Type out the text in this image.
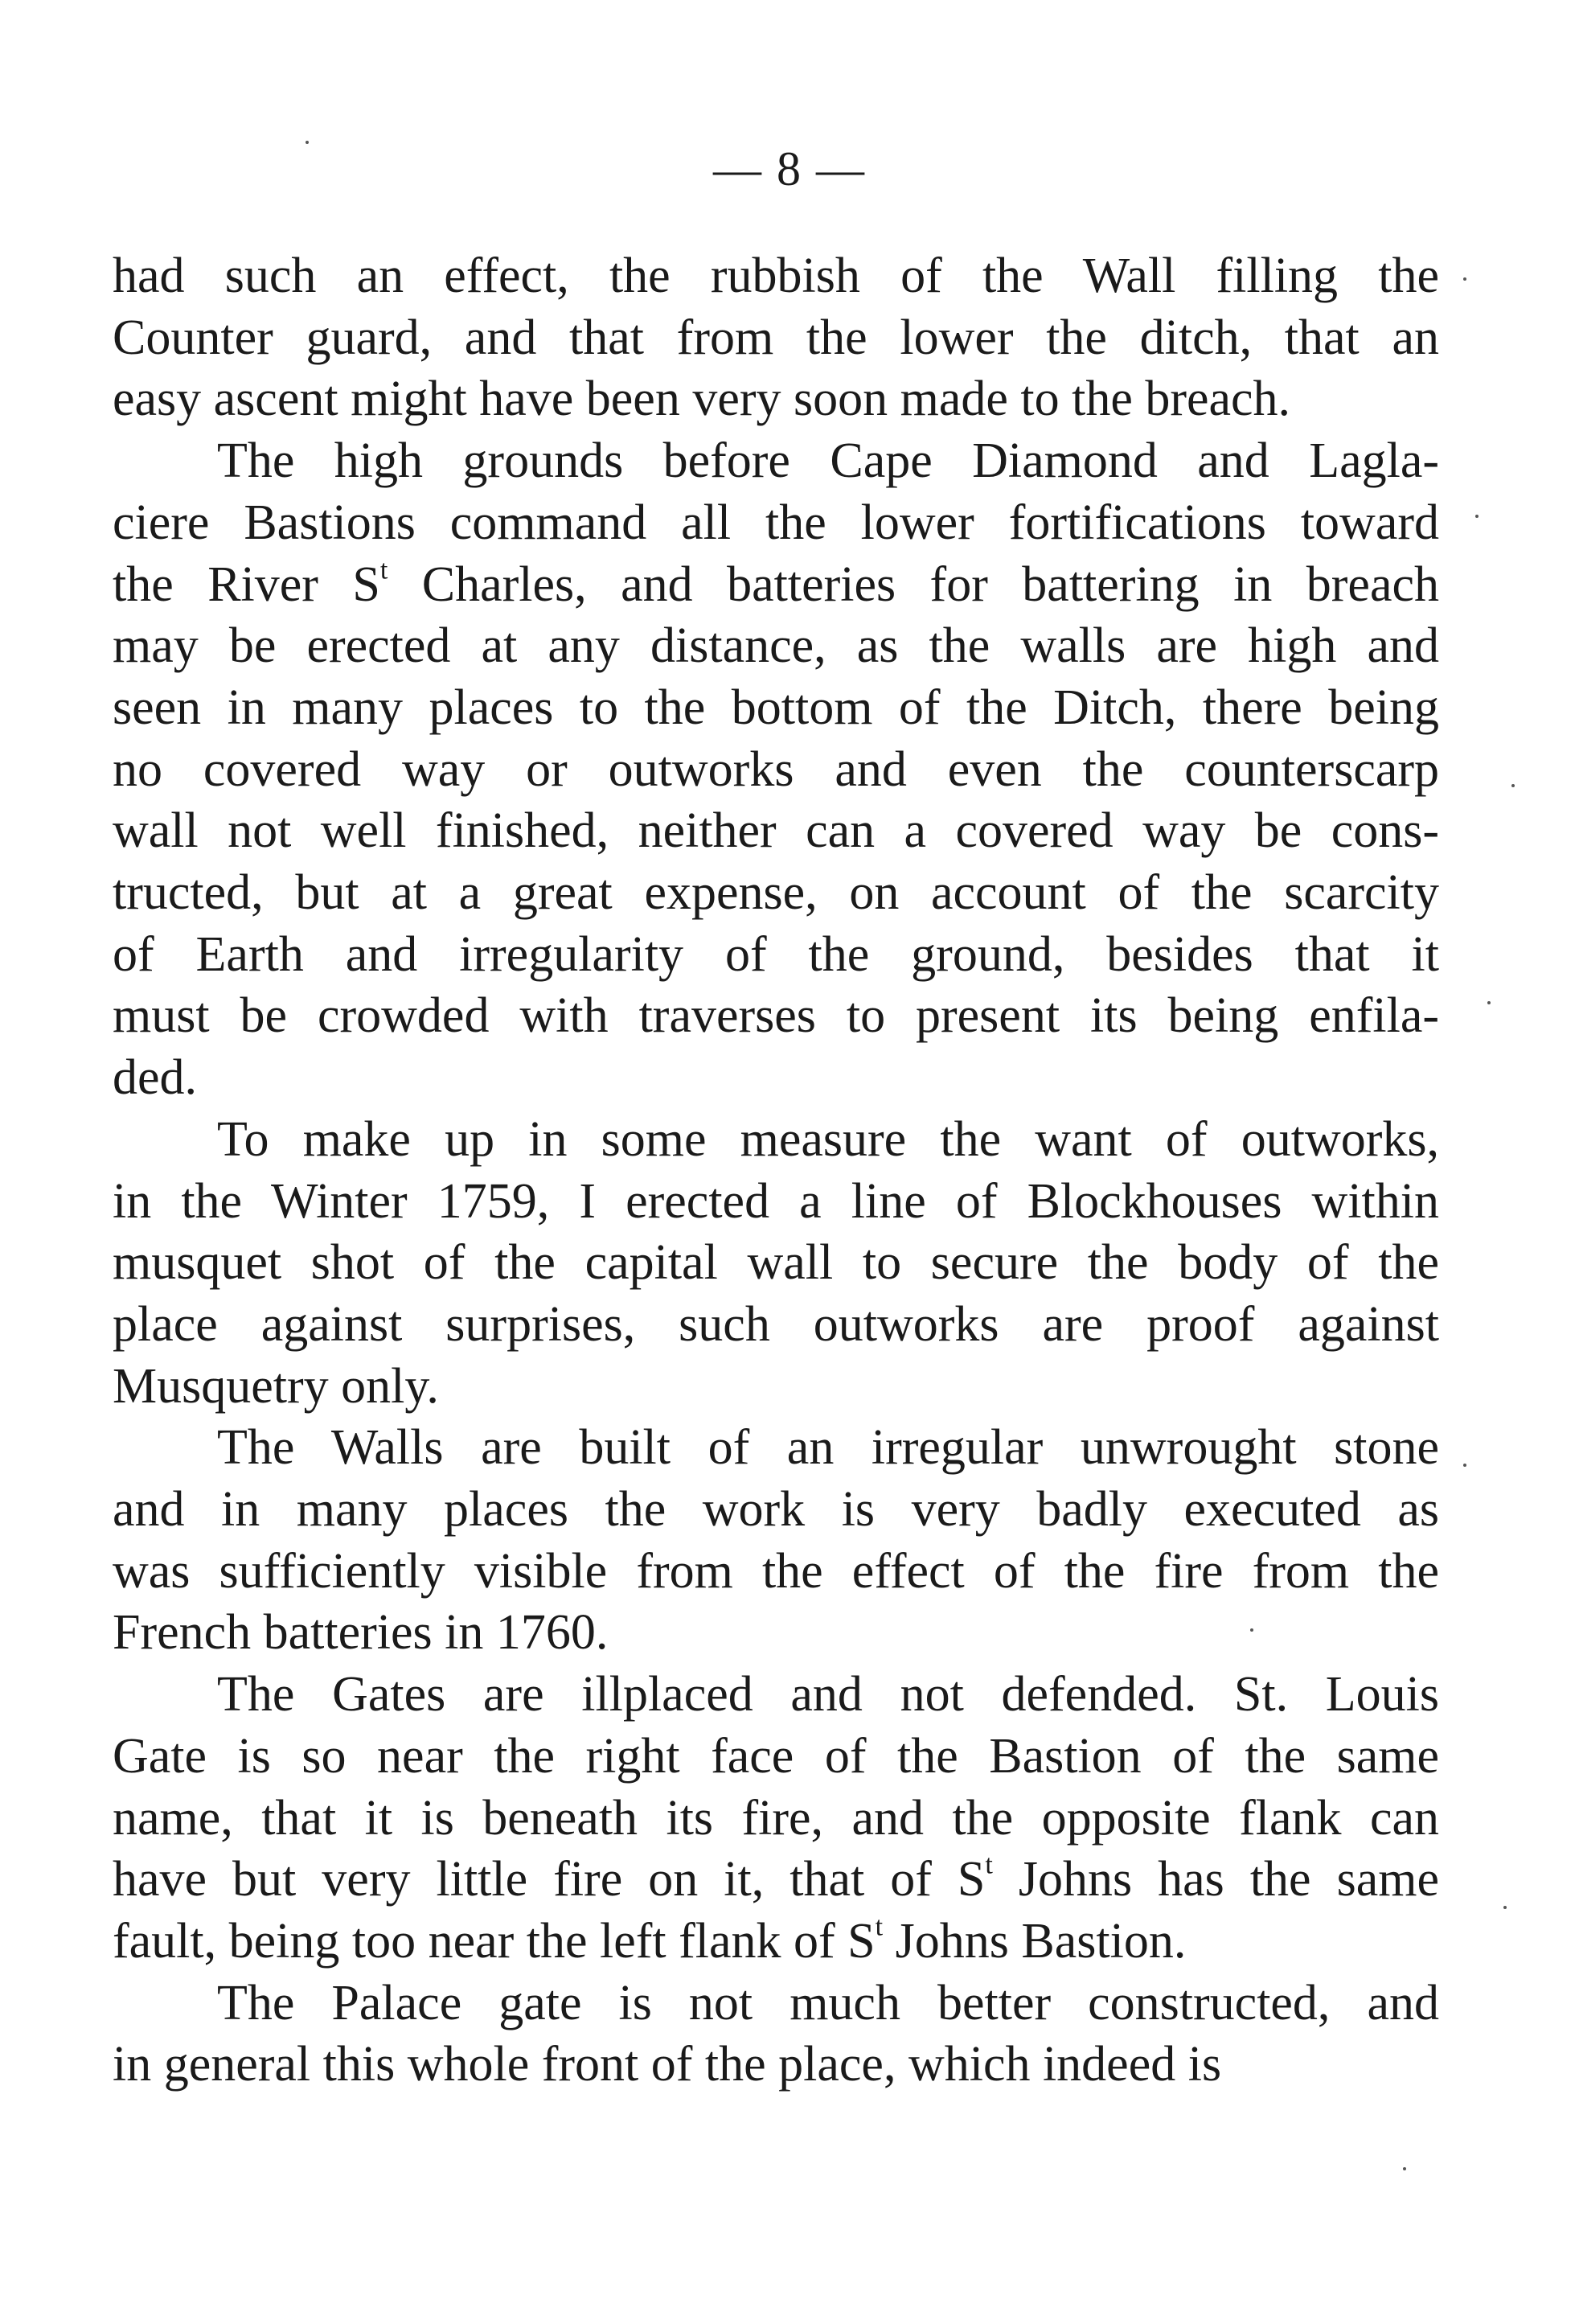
— 8 —
had such an effect, the rubbish of the Wall filling the
Counter guard, and that from the lower the ditch, that an
easy ascent might have been very soon made to the breach.
The high grounds before Cape Diamond and Lagla-
ciere Bastions command all the lower fortifications toward
the River $S^t$ Charles, and batteries for battering in breach
may be erected at any distance, as the walls are high and
seen in many places to the bottom of the Ditch, there being
no covered way or outworks and even the counterscarp
wall not well finished, neither can a covered way be cons-
tructed, but at a great expense, on account of the scarcity
of Earth and irregularity of the ground, besides that it
must be crowded with traverses to present its being enfila-
ded.
To make up in some measure the want of outworks,
in the Winter 1759, I erected a line of Blockhouses within
musquet shot of the capital wall to secure the body of the
place against surprises, such outworks are proof against
Musquetry only.
The Walls are built of an irregular unwrought stone
and in many places the work is very badly executed as
was sufficiently visible from the effect of the fire from the
French batteries in 1760.
The Gates are illplaced and not defended. St. Louis
Gate is so near the right face of the Bastion of the same
name, that it is beneath its fire, and the opposite flank can
have but very little fire on it, that of $S^t$ Johns has the same
fault, being too near the left flank of $S^t$ Johns Bastion.
The Palace gate is not much better constructed, and
in general this whole front of the place, which indeed is
